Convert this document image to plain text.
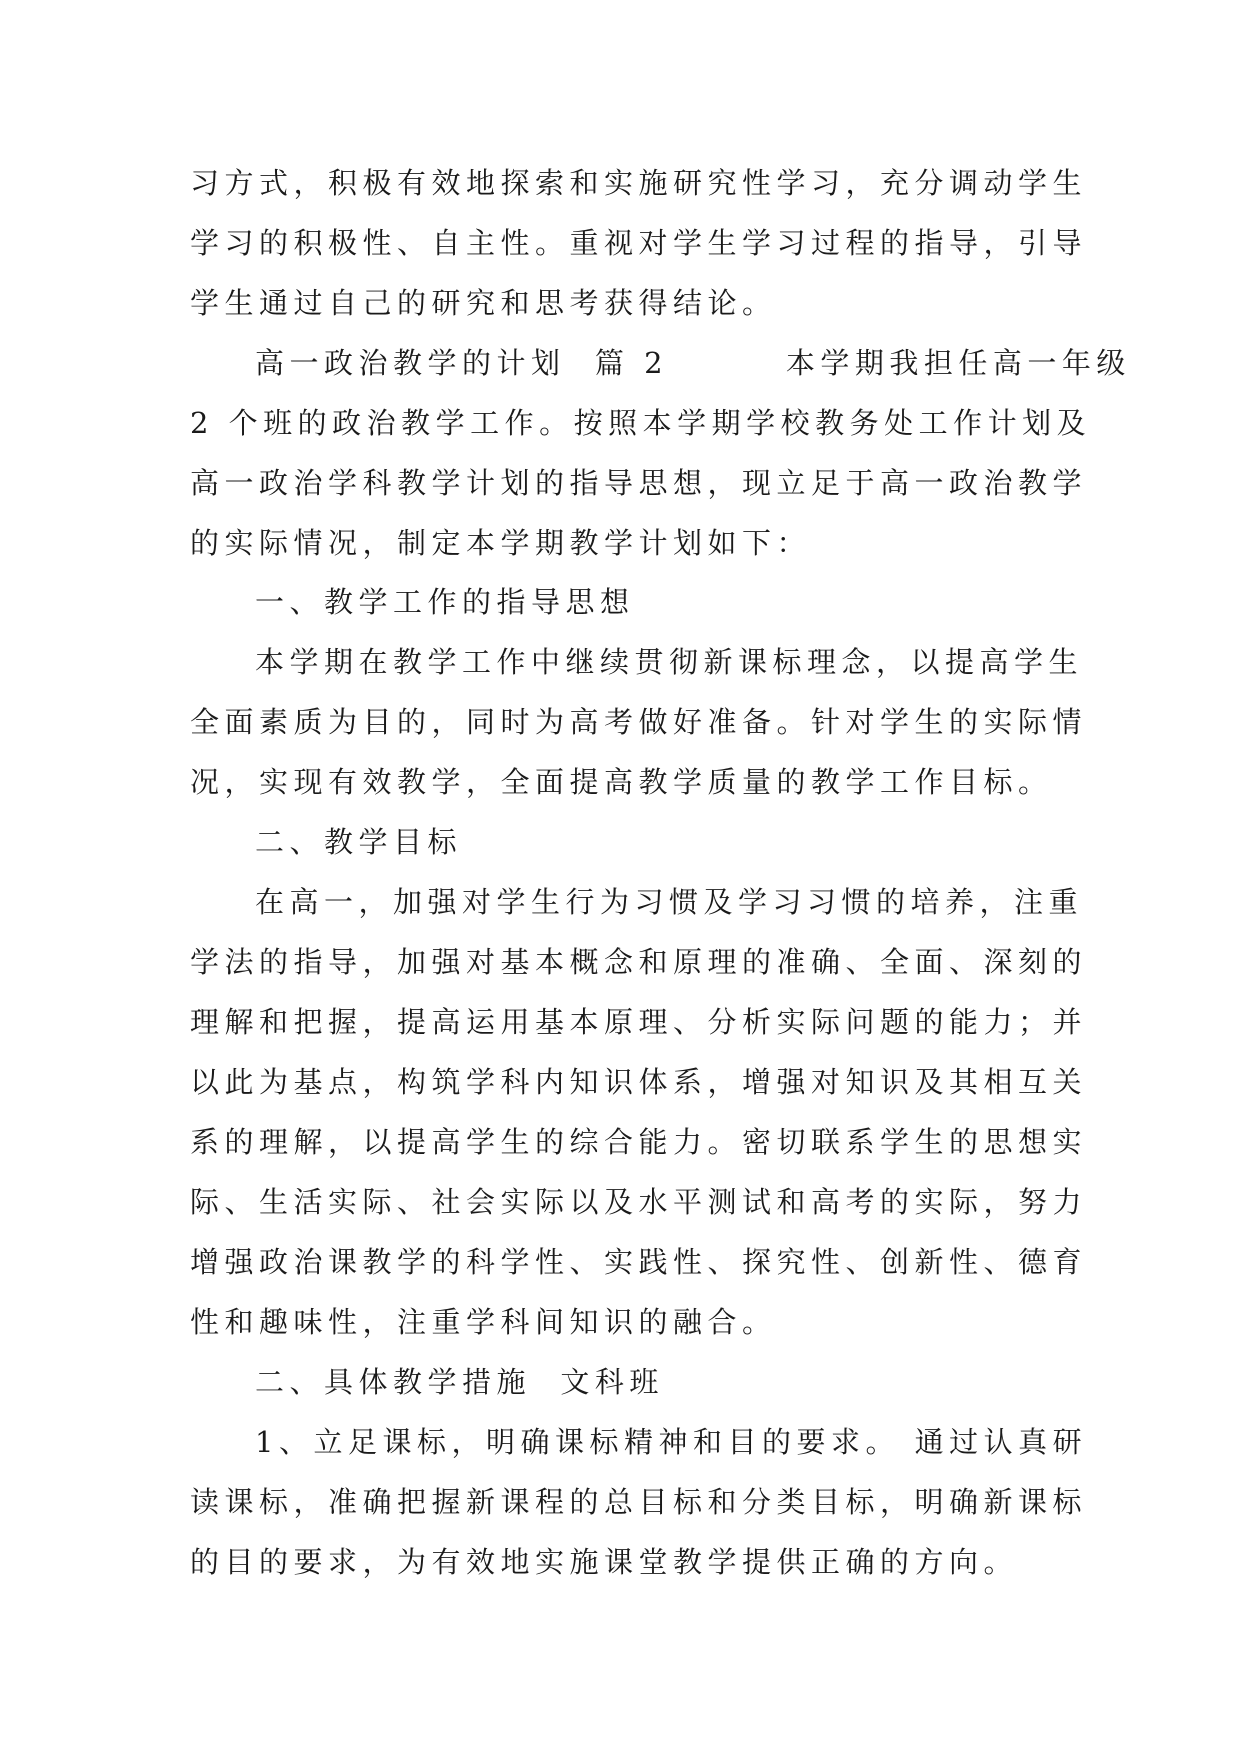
习方式，积极有效地探索和实施研究性学习，充分调动学生
学习的积极性、自主性。重视对学生学习过程的指导，引导
学生通过自己的研究和思考获得结论。
高一政治教学的计划  篇 2        本学期我担任高一年级
2 个班的政治教学工作。按照本学期学校教务处工作计划及
高一政治学科教学计划的指导思想，现立足于高一政治教学
的实际情况，制定本学期教学计划如下：
一、教学工作的指导思想
本学期在教学工作中继续贯彻新课标理念，以提高学生
全面素质为目的，同时为高考做好准备。针对学生的实际情
况，实现有效教学，全面提高教学质量的教学工作目标。
二、教学目标
在高一，加强对学生行为习惯及学习习惯的培养，注重
学法的指导，加强对基本概念和原理的准确、全面、深刻的
理解和把握，提高运用基本原理、分析实际问题的能力；并
以此为基点，构筑学科内知识体系，增强对知识及其相互关
系的理解，以提高学生的综合能力。密切联系学生的思想实
际、生活实际、社会实际以及水平测试和高考的实际，努力
增强政治课教学的科学性、实践性、探究性、创新性、德育
性和趣味性，注重学科间知识的融合。
二、具体教学措施  文科班
1、立足课标，明确课标精神和目的要求。 通过认真研
读课标，准确把握新课程的总目标和分类目标，明确新课标
的目的要求，为有效地实施课堂教学提供正确的方向。
